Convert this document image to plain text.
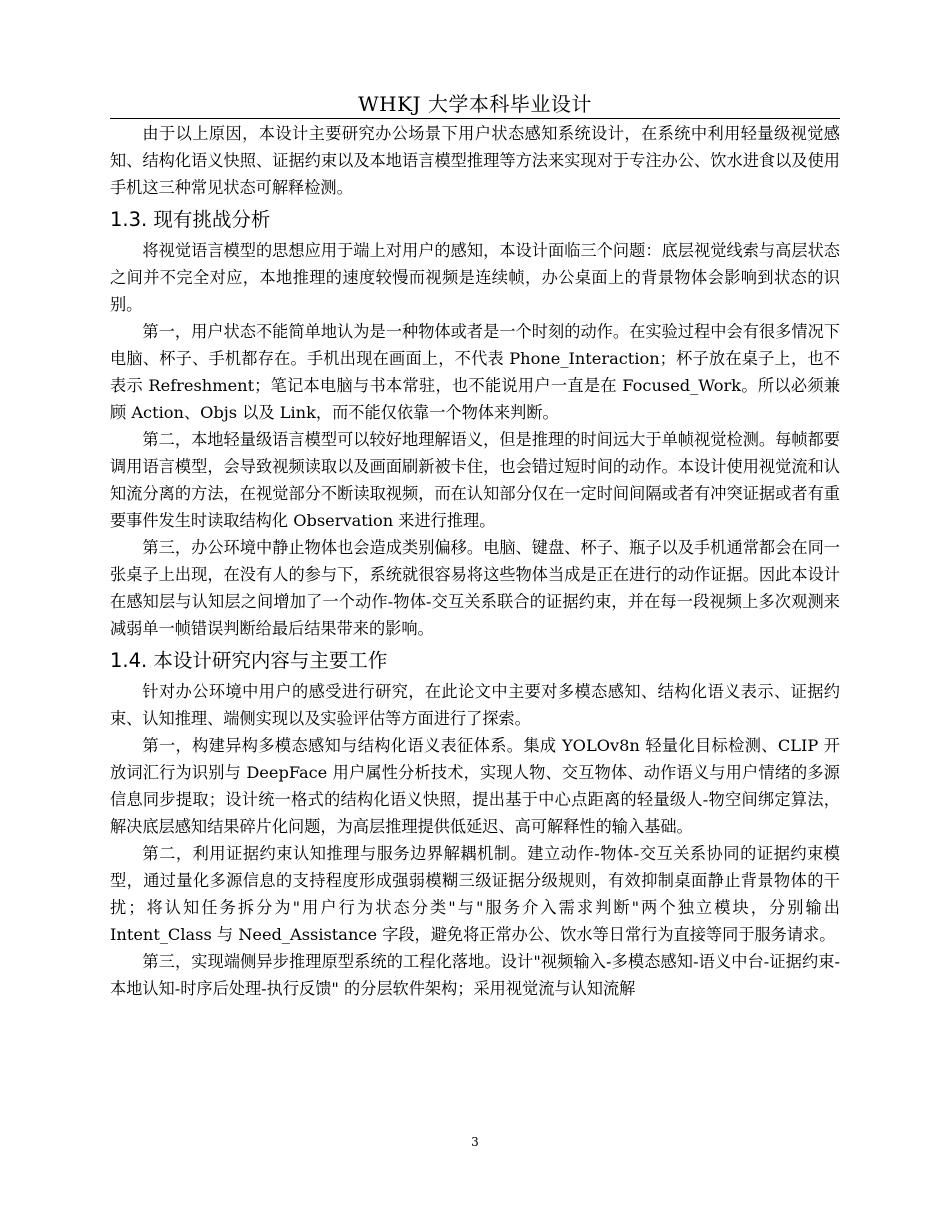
WHKJ 大学本科毕业设计

由于以上原因，本设计主要研究办公场景下用户状态感知系统设计，在系统中利用轻量级视觉感知、结构化语义快照、证据约束以及本地语言模型推理等方法来实现对于专注办公、饮水进食以及使用手机这三种常见状态可解释检测。

1.3. 现有挑战分析

将视觉语言模型的思想应用于端上对用户的感知，本设计面临三个问题：底层视觉线索与高层状态之间并不完全对应，本地推理的速度较慢而视频是连续帧，办公桌面上的背景物体会影响到状态的识别。

第一，用户状态不能简单地认为是一种物体或者是一个时刻的动作。在实验过程中会有很多情况下电脑、杯子、手机都存在。手机出现在画面上，不代表 Phone_Interaction；杯子放在桌子上，也不表示 Refreshment；笔记本电脑与书本常驻，也不能说用户一直是在 Focused_Work。所以必须兼顾 Action、Objs 以及 Link，而不能仅依靠一个物体来判断。

第二，本地轻量级语言模型可以较好地理解语义，但是推理的时间远大于单帧视觉检测。每帧都要调用语言模型，会导致视频读取以及画面刷新被卡住，也会错过短时间的动作。本设计使用视觉流和认知流分离的方法，在视觉部分不断读取视频，而在认知部分仅在一定时间间隔或者有冲突证据或者有重要事件发生时读取结构化 Observation 来进行推理。

第三，办公环境中静止物体也会造成类别偏移。电脑、键盘、杯子、瓶子以及手机通常都会在同一张桌子上出现，在没有人的参与下，系统就很容易将这些物体当成是正在进行的动作证据。因此本设计在感知层与认知层之间增加了一个动作-物体-交互关系联合的证据约束，并在每一段视频上多次观测来减弱单一帧错误判断给最后结果带来的影响。

1.4. 本设计研究内容与主要工作

针对办公环境中用户的感受进行研究，在此论文中主要对多模态感知、结构化语义表示、证据约束、认知推理、端侧实现以及实验评估等方面进行了探索。

第一，构建异构多模态感知与结构化语义表征体系。集成 YOLOv8n 轻量化目标检测、CLIP 开放词汇行为识别与 DeepFace 用户属性分析技术，实现人物、交互物体、动作语义与用户情绪的多源信息同步提取；设计统一格式的结构化语义快照，提出基于中心点距离的轻量级人-物空间绑定算法，解决底层感知结果碎片化问题，为高层推理提供低延迟、高可解释性的输入基础。

第二，利用证据约束认知推理与服务边界解耦机制。建立动作-物体-交互关系协同的证据约束模型，通过量化多源信息的支持程度形成强弱模糊三级证据分级规则，有效抑制桌面静止背景物体的干扰；将认知任务拆分为"用户行为状态分类"与"服务介入需求判断"两个独立模块，分别输出 Intent_Class 与 Need_Assistance 字段，避免将正常办公、饮水等日常行为直接等同于服务请求。

第三，实现端侧异步推理原型系统的工程化落地。设计"视频输入-多模态感知-语义中台-证据约束-本地认知-时序后处理-执行反馈" 的分层软件架构；采用视觉流与认知流解

3
